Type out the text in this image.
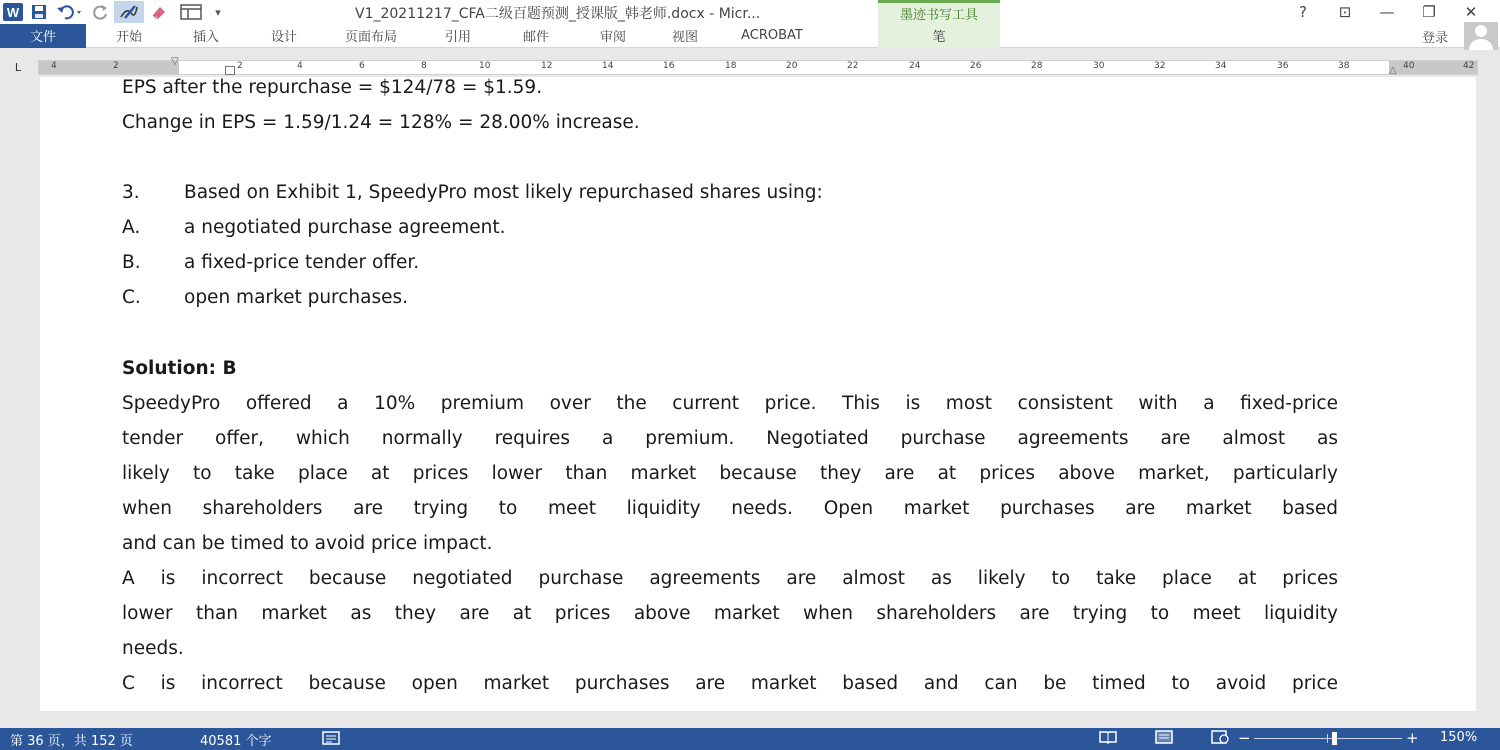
W	▾	V1_20211217_CFA二级百题预测_授课版_韩老师.docx - Micr...	墨迹书写工具	?	⊡	—	❐	✕
文件	开始	插入	设计	页面布局	引用	邮件	审阅	视图	ACROBAT	笔	登录
L	4	2	2	4	6	8	10	12	14	16	18	20	22	24	26	28	30	32	34	36	38	40	42
▽
△
EPS after the repurchase = $124/78 = $1.59.
Change in EPS = 1.59/1.24 = 128% = 28.00% increase.
3. Based on Exhibit 1, SpeedyPro most likely repurchased shares using:
A. a negotiated purchase agreement.
B. a fixed-price tender offer.
C. open market purchases.
Solution: B
SpeedyPro offered a 10% premium over the current price. This is most consistent with a fixed-price
tender offer, which normally requires a premium. Negotiated purchase agreements are almost as
likely to take place at prices lower than market because they are at prices above market, particularly
when shareholders are trying to meet liquidity needs. Open market purchases are market based
and can be timed to avoid price impact.
A is incorrect because negotiated purchase agreements are almost as likely to take place at prices
lower than market as they are at prices above market when shareholders are trying to meet liquidity
needs.
C is incorrect because open market purchases are market based and can be timed to avoid price
第 36 页，共 152 页	40581 个字	−	+ 150%
